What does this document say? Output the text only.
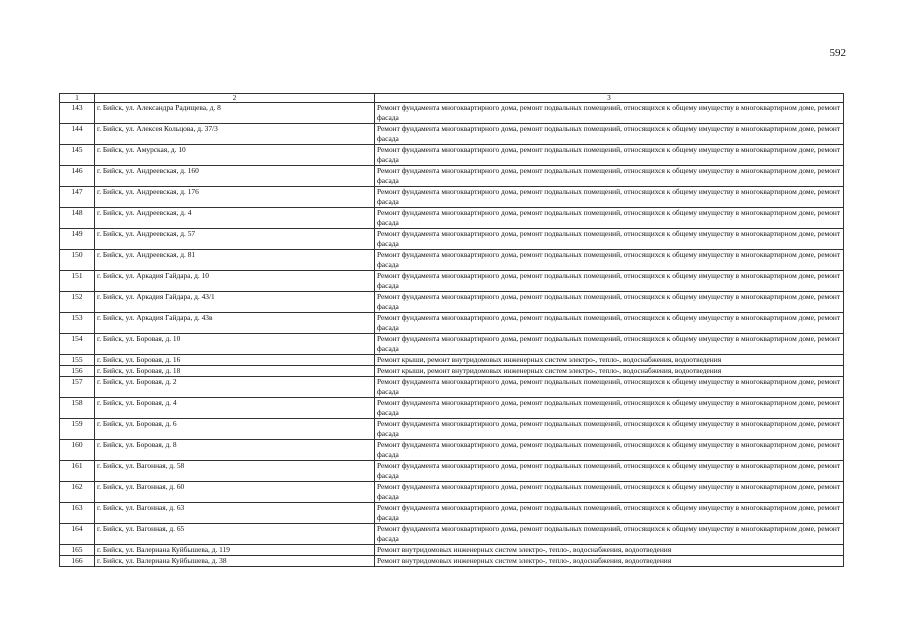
592
1	2	3
143	г. Бийск, ул. Александра Радищева, д. 8	Ремонт фундамента многоквартирного дома, ремонт подвальных помещений, относящихся к общему имуществу в многоквартирном доме, ремонт фасада
144	г. Бийск, ул. Алексея Кольцова, д. 37/3	Ремонт фундамента многоквартирного дома, ремонт подвальных помещений, относящихся к общему имуществу в многоквартирном доме, ремонт фасада
145	г. Бийск, ул. Амурская, д. 10	Ремонт фундамента многоквартирного дома, ремонт подвальных помещений, относящихся к общему имуществу в многоквартирном доме, ремонт фасада
146	г. Бийск, ул. Андреевская, д. 160	Ремонт фундамента многоквартирного дома, ремонт подвальных помещений, относящихся к общему имуществу в многоквартирном доме, ремонт фасада
147	г. Бийск, ул. Андреевская, д. 176	Ремонт фундамента многоквартирного дома, ремонт подвальных помещений, относящихся к общему имуществу в многоквартирном доме, ремонт фасада
148	г. Бийск, ул. Андреевская, д. 4	Ремонт фундамента многоквартирного дома, ремонт подвальных помещений, относящихся к общему имуществу в многоквартирном доме, ремонт фасада
149	г. Бийск, ул. Андреевская, д. 57	Ремонт фундамента многоквартирного дома, ремонт подвальных помещений, относящихся к общему имуществу в многоквартирном доме, ремонт фасада
150	г. Бийск, ул. Андреевская, д. 81	Ремонт фундамента многоквартирного дома, ремонт подвальных помещений, относящихся к общему имуществу в многоквартирном доме, ремонт фасада
151	г. Бийск, ул. Аркадия Гайдара, д. 10	Ремонт фундамента многоквартирного дома, ремонт подвальных помещений, относящихся к общему имуществу в многоквартирном доме, ремонт фасада
152	г. Бийск, ул. Аркадия Гайдара, д. 43/1	Ремонт фундамента многоквартирного дома, ремонт подвальных помещений, относящихся к общему имуществу в многоквартирном доме, ремонт фасада
153	г. Бийск, ул. Аркадия Гайдара, д. 43в	Ремонт фундамента многоквартирного дома, ремонт подвальных помещений, относящихся к общему имуществу в многоквартирном доме, ремонт фасада
154	г. Бийск, ул. Боровая, д. 10	Ремонт фундамента многоквартирного дома, ремонт подвальных помещений, относящихся к общему имуществу в многоквартирном доме, ремонт фасада
155	г. Бийск, ул. Боровая, д. 16	Ремонт крыши, ремонт внутридомовых инженерных систем электро-, тепло-, водоснабжения, водоотведения
156	г. Бийск, ул. Боровая, д. 18	Ремонт крыши, ремонт внутридомовых инженерных систем электро-, тепло-, водоснабжения, водоотведения
157	г. Бийск, ул. Боровая, д. 2	Ремонт фундамента многоквартирного дома, ремонт подвальных помещений, относящихся к общему имуществу в многоквартирном доме, ремонт фасада
158	г. Бийск, ул. Боровая, д. 4	Ремонт фундамента многоквартирного дома, ремонт подвальных помещений, относящихся к общему имуществу в многоквартирном доме, ремонт фасада
159	г. Бийск, ул. Боровая, д. 6	Ремонт фундамента многоквартирного дома, ремонт подвальных помещений, относящихся к общему имуществу в многоквартирном доме, ремонт фасада
160	г. Бийск, ул. Боровая, д. 8	Ремонт фундамента многоквартирного дома, ремонт подвальных помещений, относящихся к общему имуществу в многоквартирном доме, ремонт фасада
161	г. Бийск, ул. Вагонная, д. 58	Ремонт фундамента многоквартирного дома, ремонт подвальных помещений, относящихся к общему имуществу в многоквартирном доме, ремонт фасада
162	г. Бийск, ул. Вагонная, д. 60	Ремонт фундамента многоквартирного дома, ремонт подвальных помещений, относящихся к общему имуществу в многоквартирном доме, ремонт фасада
163	г. Бийск, ул. Вагонная, д. 63	Ремонт фундамента многоквартирного дома, ремонт подвальных помещений, относящихся к общему имуществу в многоквартирном доме, ремонт фасада
164	г. Бийск, ул. Вагонная, д. 65	Ремонт фундамента многоквартирного дома, ремонт подвальных помещений, относящихся к общему имуществу в многоквартирном доме, ремонт фасада
165	г. Бийск, ул. Валериана Куйбышева, д. 119	Ремонт внутридомовых инженерных систем электро-, тепло-, водоснабжения, водоотведения
166	г. Бийск, ул. Валериана Куйбышева, д. 38	Ремонт внутридомовых инженерных систем электро-, тепло-, водоснабжения, водоотведения
